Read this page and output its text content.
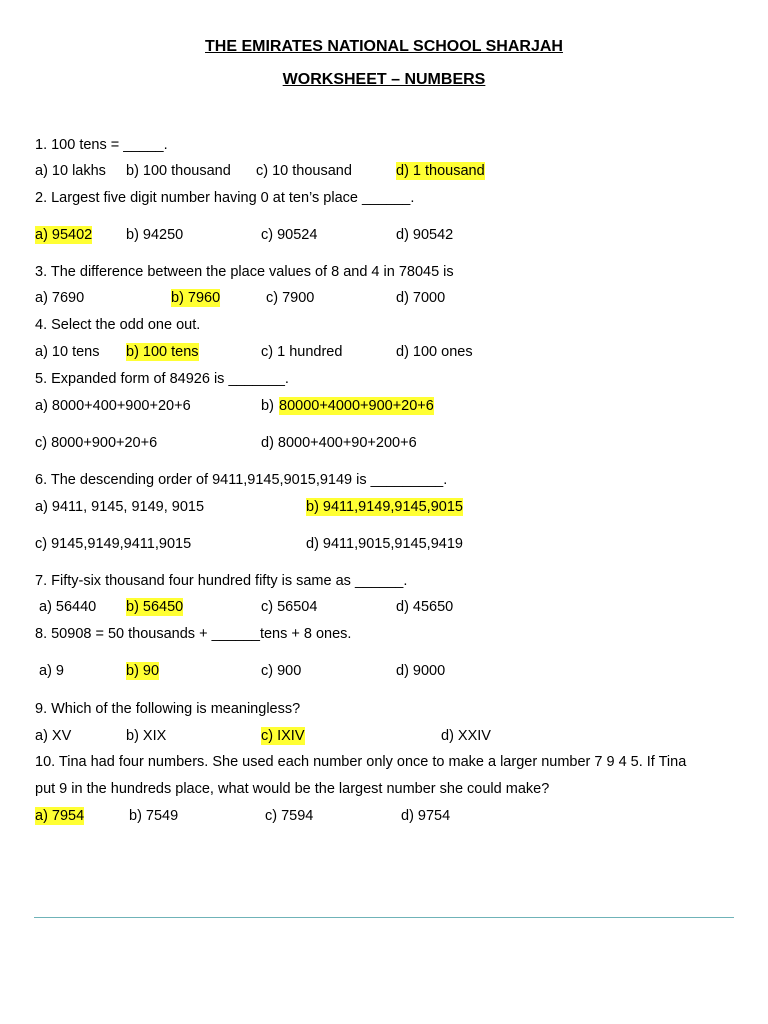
THE EMIRATES NATIONAL SCHOOL SHARJAH
WORKSHEET – NUMBERS
1. 100 tens = _____.
a) 10 lakhs b) 100 thousand c) 10 thousand	d) 1 thousand
2. Largest five digit number having 0 at ten’s place ______.
a) 95402 b) 94250	c) 90524	d) 90542
3. The difference between the place values of 8 and 4 in 78045 is
a) 7690	b) 7960	c) 7900	d) 7000
4. Select the odd one out.
a) 10 tens b) 100 tens	c) 1 hundred	d) 100 ones
5. Expanded form of 84926 is _______.
a) 8000+400+900+20+6	b) 80000+4000+900+20+6
c) 8000+900+20+6	d) 8000+400+90+200+6
6. The descending order of 9411,9145,9015,9149 is _________.
a) 9411, 9145, 9149, 9015	b) 9411,9149,9145,9015
c) 9145,9149,9411,9015	d) 9411,9015,9145,9419
7. Fifty-six thousand four hundred fifty is same as ______.
a) 56440 b) 56450	c) 56504	d) 45650
8. 50908 = 50 thousands + ______tens + 8 ones.
a) 9	b) 90	c) 900	d) 9000
9. Which of the following is meaningless?
a) XV	b) XIX	c) IXIV	d) XXIV
10. Tina had four numbers. She used each number only once to make a larger number 7 9 4 5. If Tina
put 9 in the hundreds place, what would be the largest number she could make?
a) 7954	b) 7549	c) 7594	d) 9754
